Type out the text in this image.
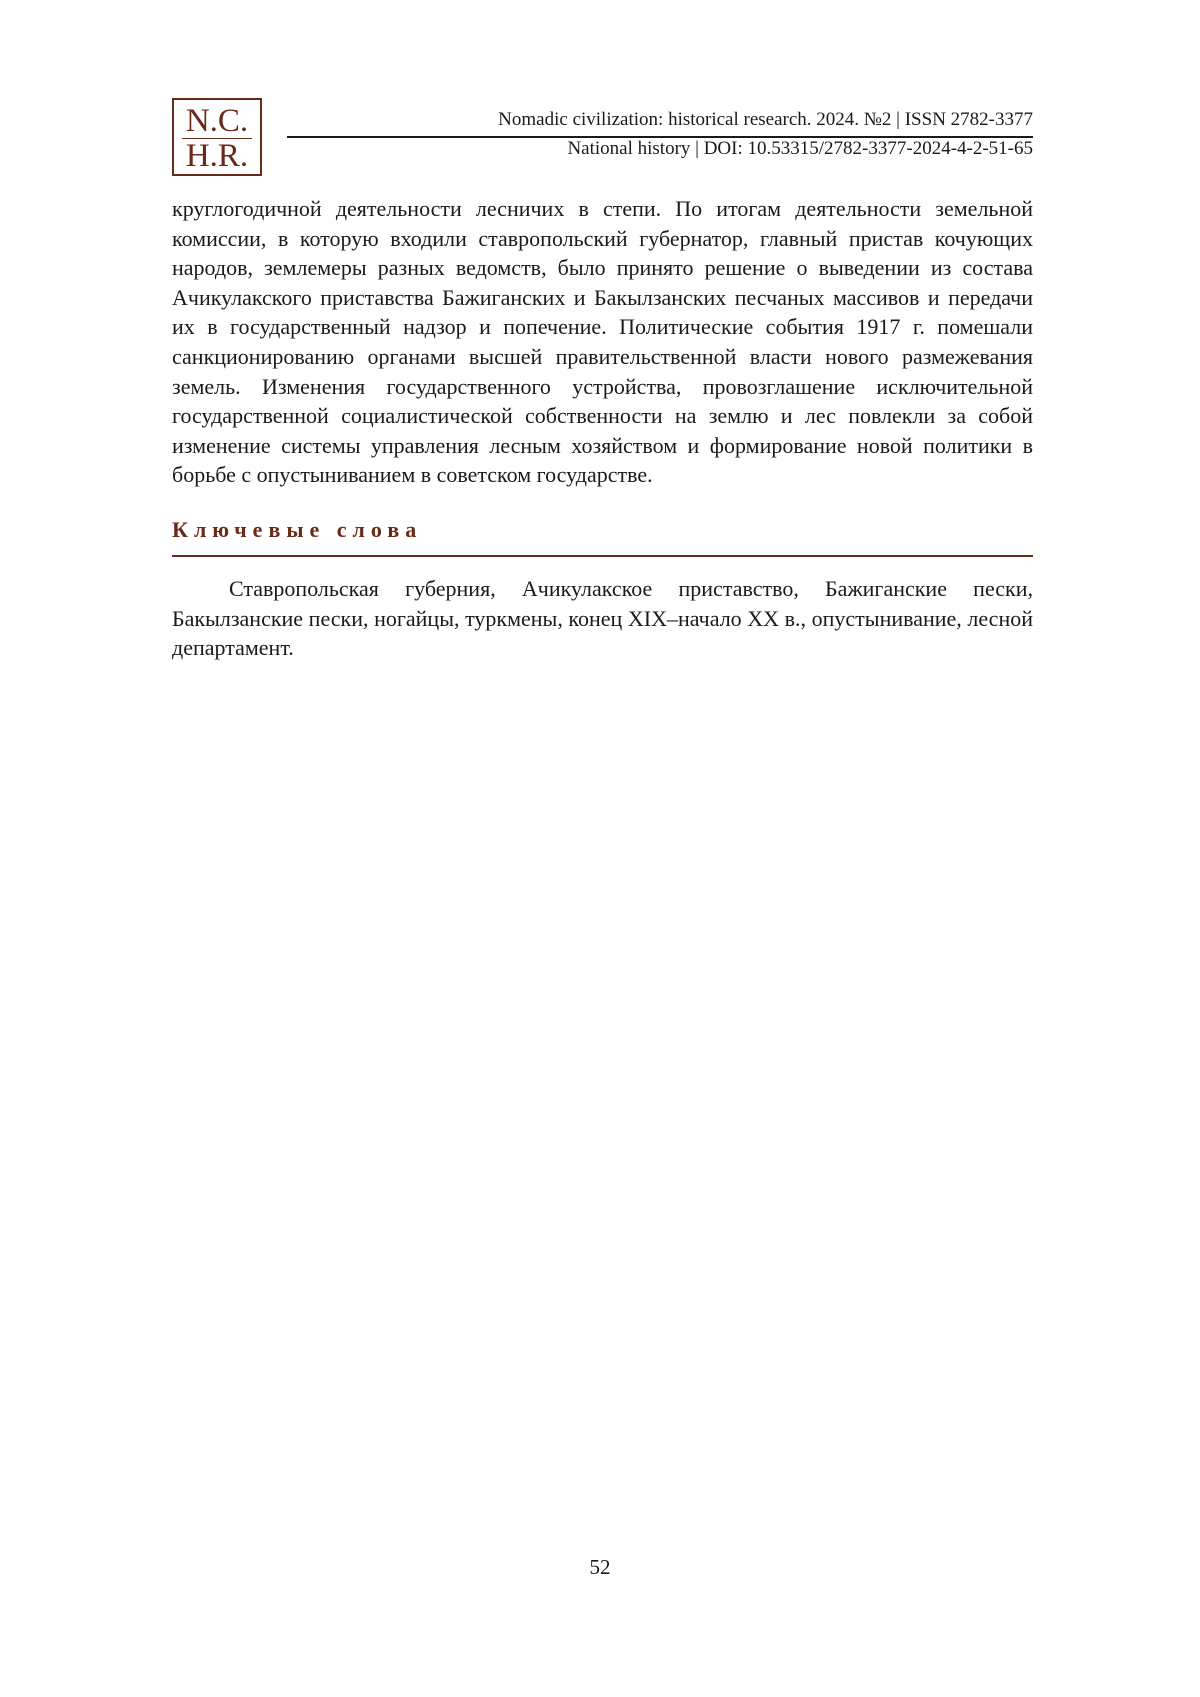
N.C.
H.R.
Nomadic civilization: historical research. 2024. №2 | ISSN 2782-3377
National history | DOI: 10.53315/2782-3377-2024-4-2-51-65

круглогодичной деятельности лесничих в степи. По итогам деятельности земельной комиссии, в которую входили ставропольский губернатор, главный пристав кочующих народов, землемеры разных ведомств, было принято решение о выведении из состава Ачикулакского приставства Бажиганских и Бакылзанских песчаных массивов и передачи их в государственный надзор и попечение. Политические события 1917 г. помешали санкционированию органами высшей правительственной власти нового размежевания земель. Изменения государственного устройства, провозглашение исключительной государственной социалистической собственности на землю и лес повлекли за собой изменение системы управления лесным хозяйством и формирование новой политики в борьбе с опустыниванием в советском государстве.

Ключевые слова

Ставропольская губерния, Ачикулакское приставство, Бажиганские пески, Бакылзанские пески, ногайцы, туркмены, конец XIX–начало XX в., опустынивание, лесной департамент.

52
